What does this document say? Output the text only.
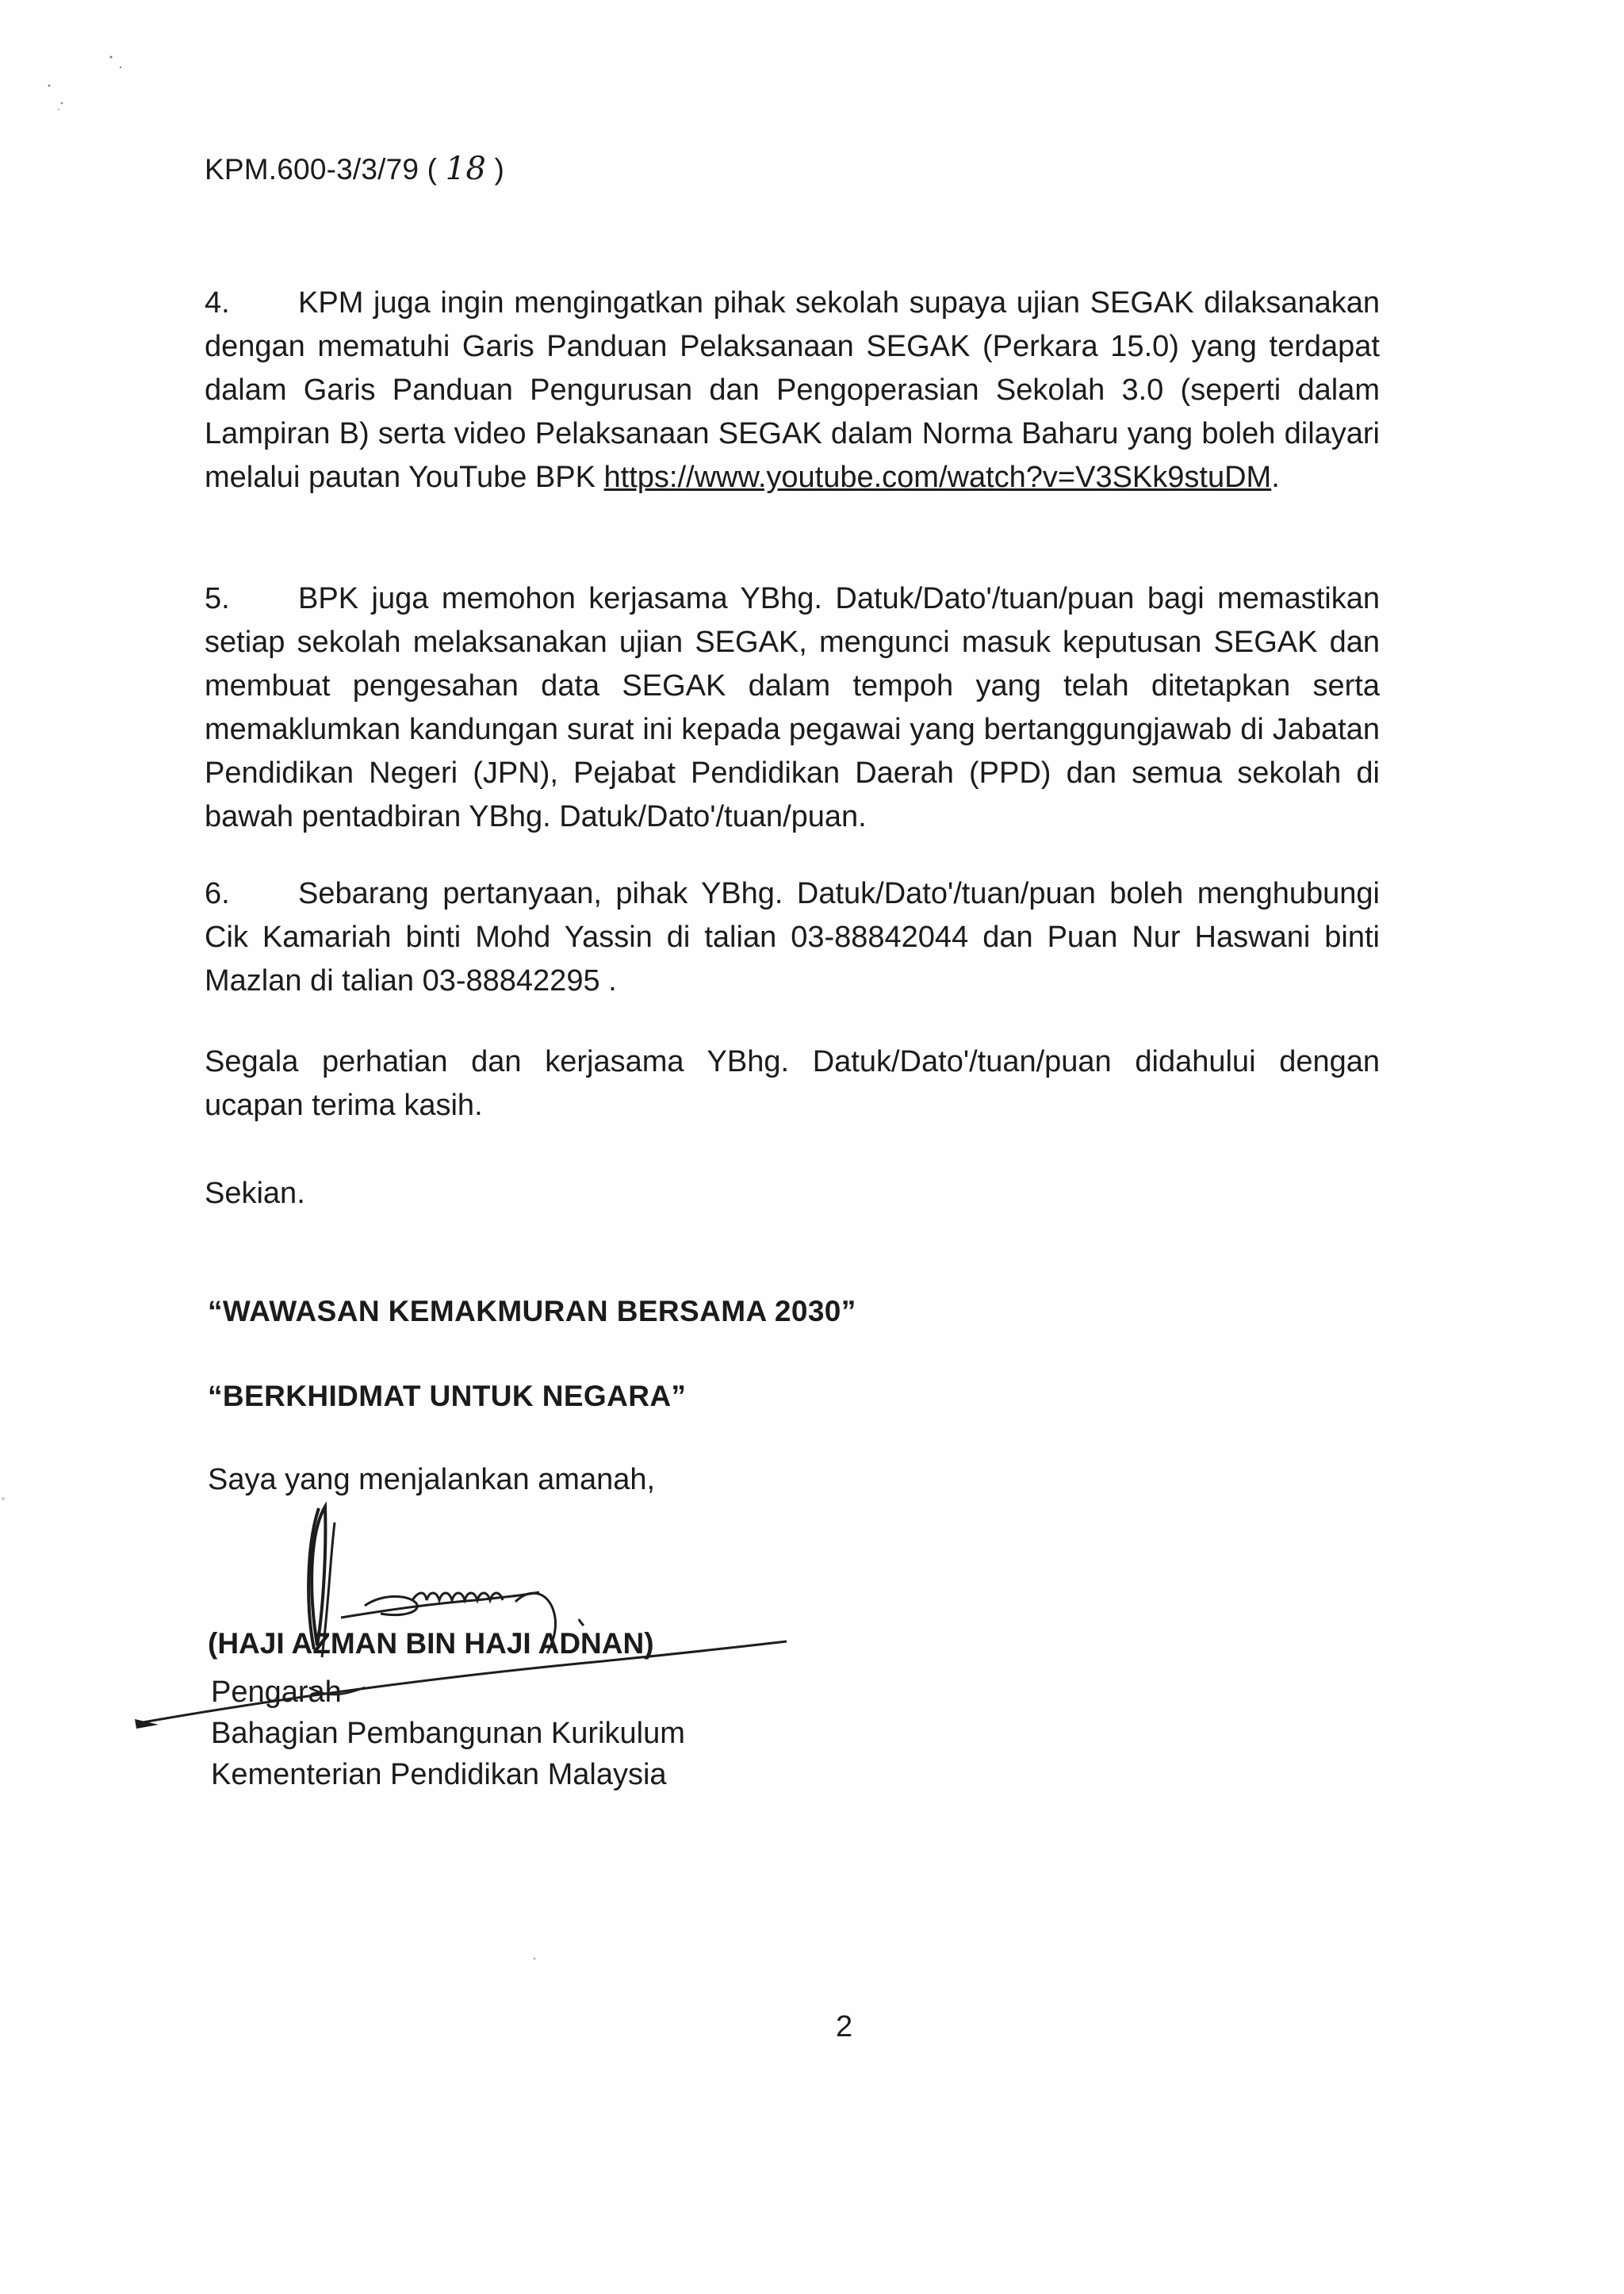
KPM.600-3/3/79 ( 18 )
4. KPM juga ingin mengingatkan pihak sekolah supaya ujian SEGAK dilaksanakan dengan mematuhi Garis Panduan Pelaksanaan SEGAK (Perkara 15.0) yang terdapat dalam Garis Panduan Pengurusan dan Pengoperasian Sekolah 3.0 (seperti dalam Lampiran B) serta video Pelaksanaan SEGAK dalam Norma Baharu yang boleh dilayari melalui pautan YouTube BPK https://www.youtube.com/watch?v=V3SKk9stuDM.
5. BPK juga memohon kerjasama YBhg. Datuk/Dato'/tuan/puan bagi memastikan setiap sekolah melaksanakan ujian SEGAK, mengunci masuk keputusan SEGAK dan membuat pengesahan data SEGAK dalam tempoh yang telah ditetapkan serta memaklumkan kandungan surat ini kepada pegawai yang bertanggungjawab di Jabatan Pendidikan Negeri (JPN), Pejabat Pendidikan Daerah (PPD) dan semua sekolah di bawah pentadbiran YBhg. Datuk/Dato'/tuan/puan.
6. Sebarang pertanyaan, pihak YBhg. Datuk/Dato'/tuan/puan boleh menghubungi Cik Kamariah binti Mohd Yassin di talian 03-88842044 dan Puan Nur Haswani binti Mazlan di talian 03-88842295 .
Segala perhatian dan kerjasama YBhg. Datuk/Dato'/tuan/puan didahului dengan ucapan terima kasih.
Sekian.
“WAWASAN KEMAKMURAN BERSAMA 2030”
“BERKHIDMAT UNTUK NEGARA”
Saya yang menjalankan amanah,
(HAJI AZMAN BIN HAJI ADNAN)
Pengarah
Bahagian Pembangunan Kurikulum
Kementerian Pendidikan Malaysia
2
